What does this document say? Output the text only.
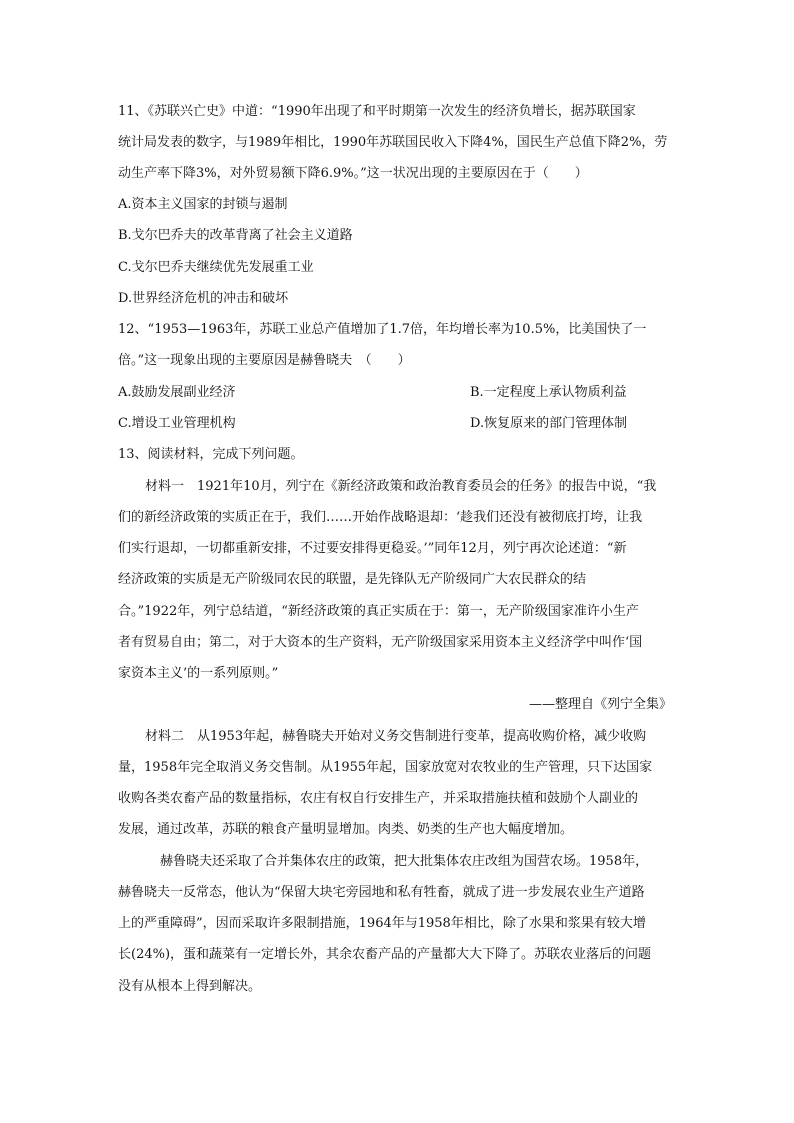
11、《苏联兴亡史》中道：“1990年出现了和平时期第一次发生的经济负增长，据苏联国家
统计局发表的数字，与1989年相比，1990年苏联国民收入下降4%，国民生产总值下降2%，劳
动生产率下降3%，对外贸易额下降6.9%。”这一状况出现的主要原因在于（　　）
A.资本主义国家的封锁与遏制
B.戈尔巴乔夫的改革背离了社会主义道路
C.戈尔巴乔夫继续优先发展重工业
D.世界经济危机的冲击和破坏
12、“1953—1963年，苏联工业总产值增加了1.7倍，年均增长率为10.5%，比美国快了一
倍。”这一现象出现的主要原因是赫鲁晓夫　（　　）
A.鼓励发展副业经济	B.一定程度上承认物质利益
C.增设工业管理机构	D.恢复原来的部门管理体制
13、阅读材料，完成下列问题。
材料一　1921年10月，列宁在《新经济政策和政治教育委员会的任务》的报告中说，“我
们的新经济政策的实质正在于，我们……开始作战略退却：‘趁我们还没有被彻底打垮，让我
们实行退却，一切都重新安排，不过要安排得更稳妥。’”同年12月，列宁再次论述道：“新
经济政策的实质是无产阶级同农民的联盟，是先锋队无产阶级同广大农民群众的结
合。”1922年，列宁总结道，“新经济政策的真正实质在于：第一，无产阶级国家准许小生产
者有贸易自由；第二，对于大资本的生产资料，无产阶级国家采用资本主义经济学中叫作‘国
家资本主义’的一系列原则。”
——整理自《列宁全集》
材料二　从1953年起，赫鲁晓夫开始对义务交售制进行变革，提高收购价格，减少收购
量，1958年完全取消义务交售制。从1955年起，国家放宽对农牧业的生产管理，只下达国家
收购各类农畜产品的数量指标，农庄有权自行安排生产，并采取措施扶植和鼓励个人副业的
发展，通过改革，苏联的粮食产量明显增加。肉类、奶类的生产也大幅度增加。
赫鲁晓夫还采取了合并集体农庄的政策，把大批集体农庄改组为国营农场。1958年，
赫鲁晓夫一反常态，他认为“保留大块宅旁园地和私有牲畜，就成了进一步发展农业生产道路
上的严重障碍”，因而采取许多限制措施，1964年与1958年相比，除了水果和浆果有较大增
长(24%)，蛋和蔬菜有一定增长外，其余农畜产品的产量都大大下降了。苏联农业落后的问题
没有从根本上得到解决。
